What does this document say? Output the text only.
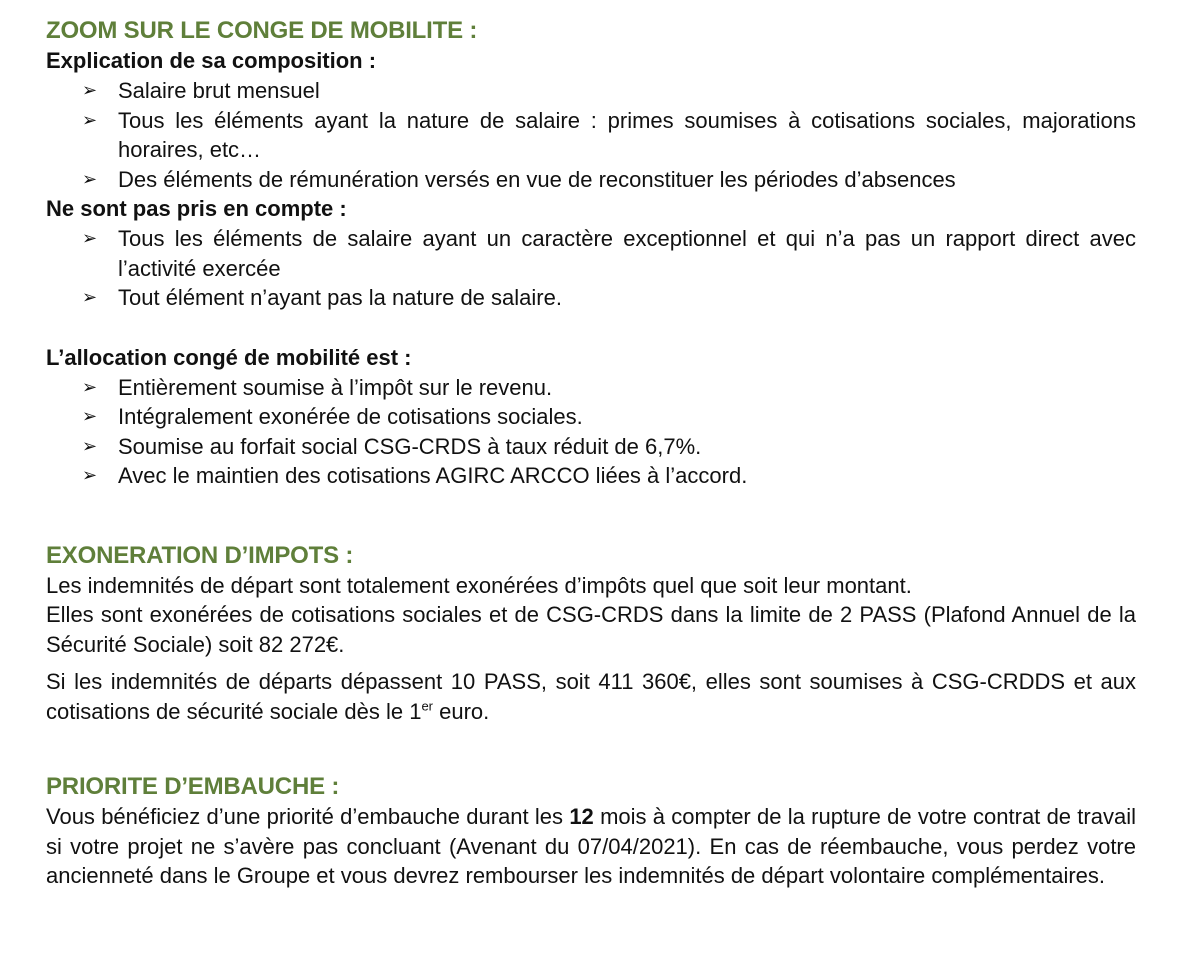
ZOOM SUR LE CONGE DE MOBILITE :
Explication de sa composition :
➢ Salaire brut mensuel
➢ Tous les éléments ayant la nature de salaire : primes soumises à cotisations sociales, majorations horaires, etc…
➢ Des éléments de rémunération versés en vue de reconstituer les périodes d’absences
Ne sont pas pris en compte :
➢ Tous les éléments de salaire ayant un caractère exceptionnel et qui n’a pas un rapport direct avec l’activité exercée
➢ Tout élément n’ayant pas la nature de salaire.
L’allocation congé de mobilité est :
➢ Entièrement soumise à l’impôt sur le revenu.
➢ Intégralement exonérée de cotisations sociales.
➢ Soumise au forfait social CSG-CRDS à taux réduit de 6,7%.
➢ Avec le maintien des cotisations AGIRC ARCCO liées à l’accord.
EXONERATION D’IMPOTS :

Les indemnités de départ sont totalement exonérées d’impôts quel que soit leur montant.

Elles sont exonérées de cotisations sociales et de CSG-CRDS dans la limite de 2 PASS (Plafond Annuel de la Sécurité Sociale) soit 82 272€.

Si les indemnités de départs dépassent 10 PASS, soit 411 360€, elles sont soumises à CSG-CRDDS et aux cotisations de sécurité sociale dès le 1er euro.

PRIORITE D’EMBAUCHE :

Vous bénéficiez d’une priorité d’embauche durant les 12 mois à compter de la rupture de votre contrat de travail si votre projet ne s’avère pas concluant (Avenant du 07/04/2021). En cas de réembauche, vous perdez votre ancienneté dans le Groupe et vous devrez rembourser les indemnités de départ volontaire complémentaires.
